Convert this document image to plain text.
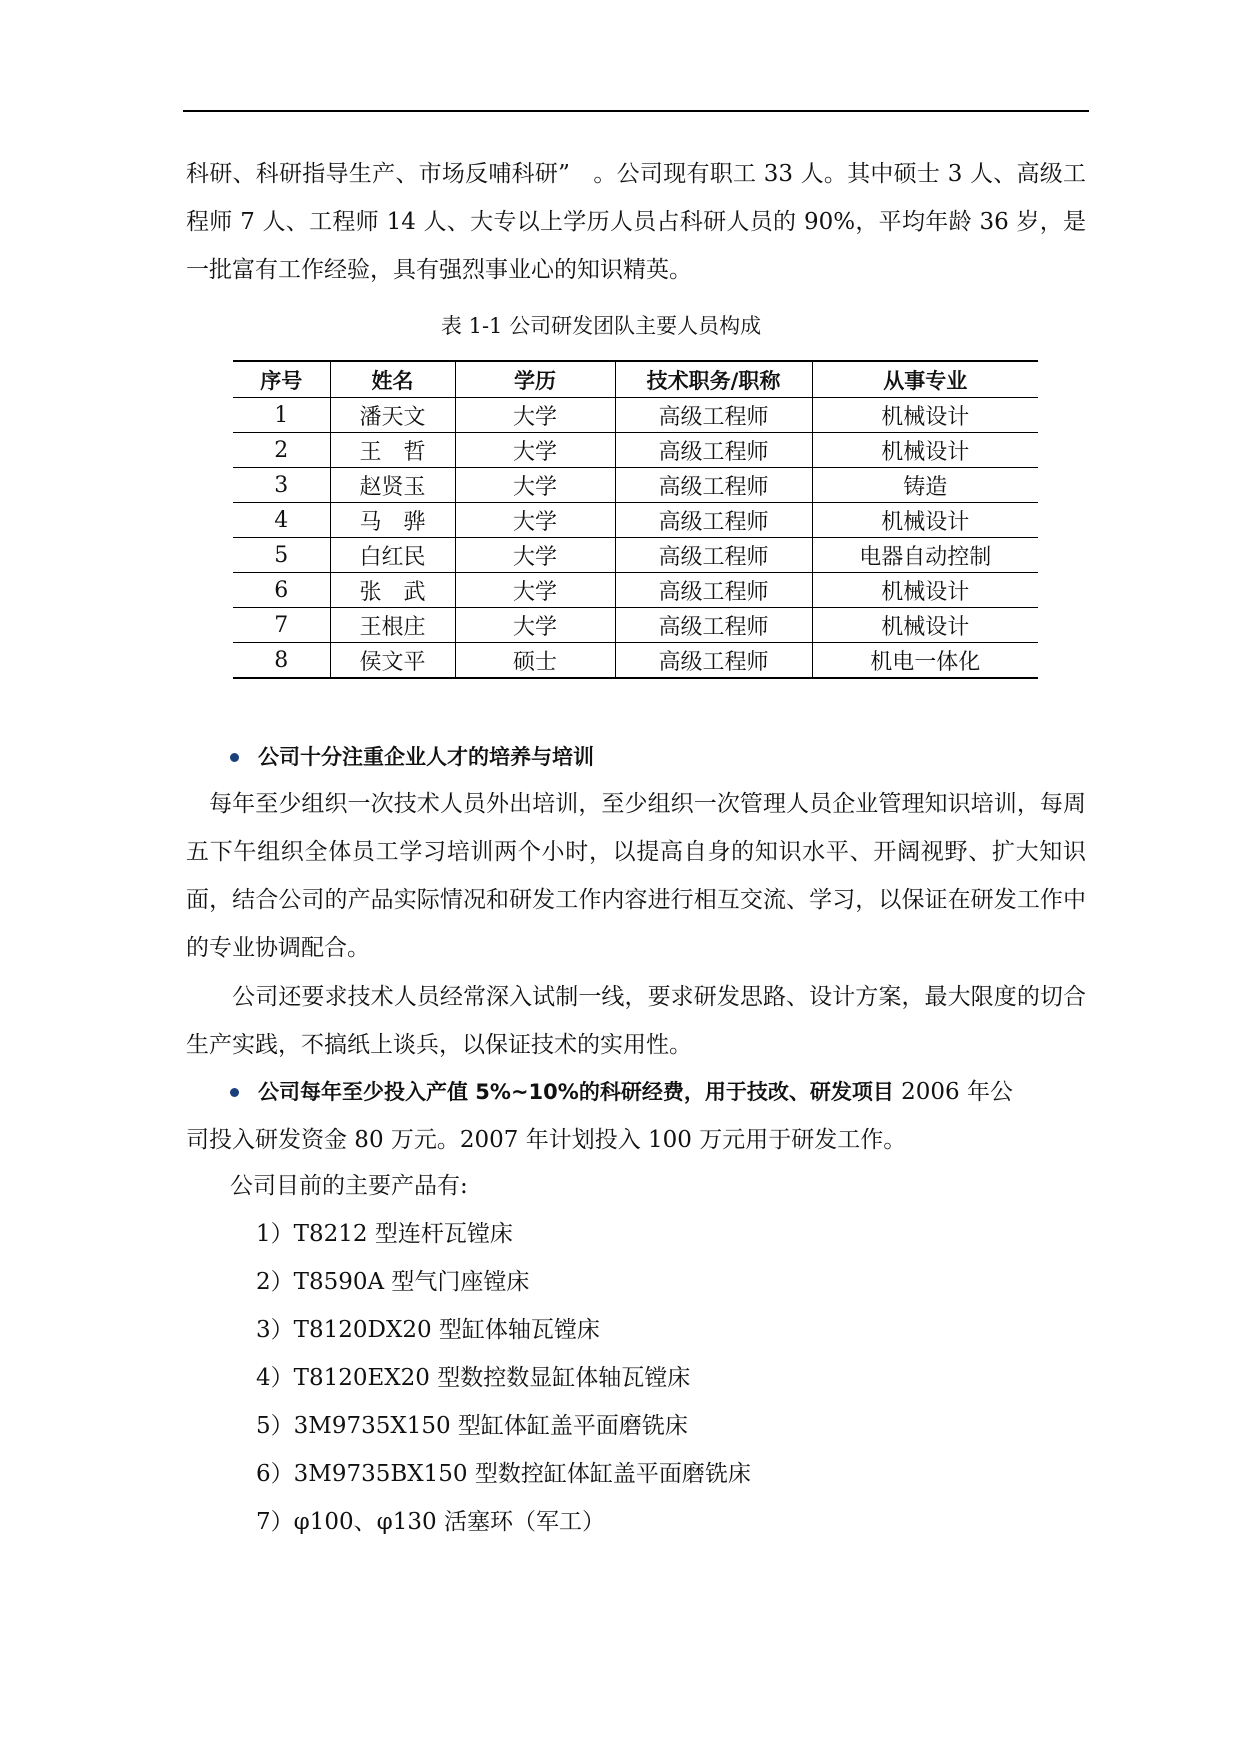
科研、科研指导生产、市场反哺科研”　。公司现有职工 33 人。其中硕士 3 人、高级工程师 7 人、工程师 14 人、大专以上学历人员占科研人员的 90%，平均年龄 36 岁，是一批富有工作经验，具有强烈事业心的知识精英。

表 1-1 公司研发团队主要人员构成
序号	姓名	学历	技术职务/职称	从事专业
1	潘天文	大学	高级工程师	机械设计
2	王　哲	大学	高级工程师	机械设计
3	赵贤玉	大学	高级工程师	铸造
4	马　骅	大学	高级工程师	机械设计
5	白红民	大学	高级工程师	电器自动控制
6	张　武	大学	高级工程师	机械设计
7	王根庄	大学	高级工程师	机械设计
8	侯文平	硕士	高级工程师	机电一体化
公司十分注重企业人才的培养与培训

　每年至少组织一次技术人员外出培训，至少组织一次管理人员企业管理知识培训，每周五下午组织全体员工学习培训两个小时，以提高自身的知识水平、开阔视野、扩大知识面，结合公司的产品实际情况和研发工作内容进行相互交流、学习，以保证在研发工作中的专业协调配合。

　　公司还要求技术人员经常深入试制一线，要求研发思路、设计方案，最大限度的切合生产实践，不搞纸上谈兵，以保证技术的实用性。

公司每年至少投入产值 5%~10%的科研经费，用于技改、研发项目 2006 年公

司投入研发资金 80 万元。2007 年计划投入 100 万元用于研发工作。

公司目前的主要产品有:
1）T8212 型连杆瓦镗床
2）T8590A 型气门座镗床
3）T8120DX20 型缸体轴瓦镗床
4）T8120EX20 型数控数显缸体轴瓦镗床
5）3M9735X150 型缸体缸盖平面磨铣床
6）3M9735BX150 型数控缸体缸盖平面磨铣床
7）φ100、φ130 活塞环（军工）
